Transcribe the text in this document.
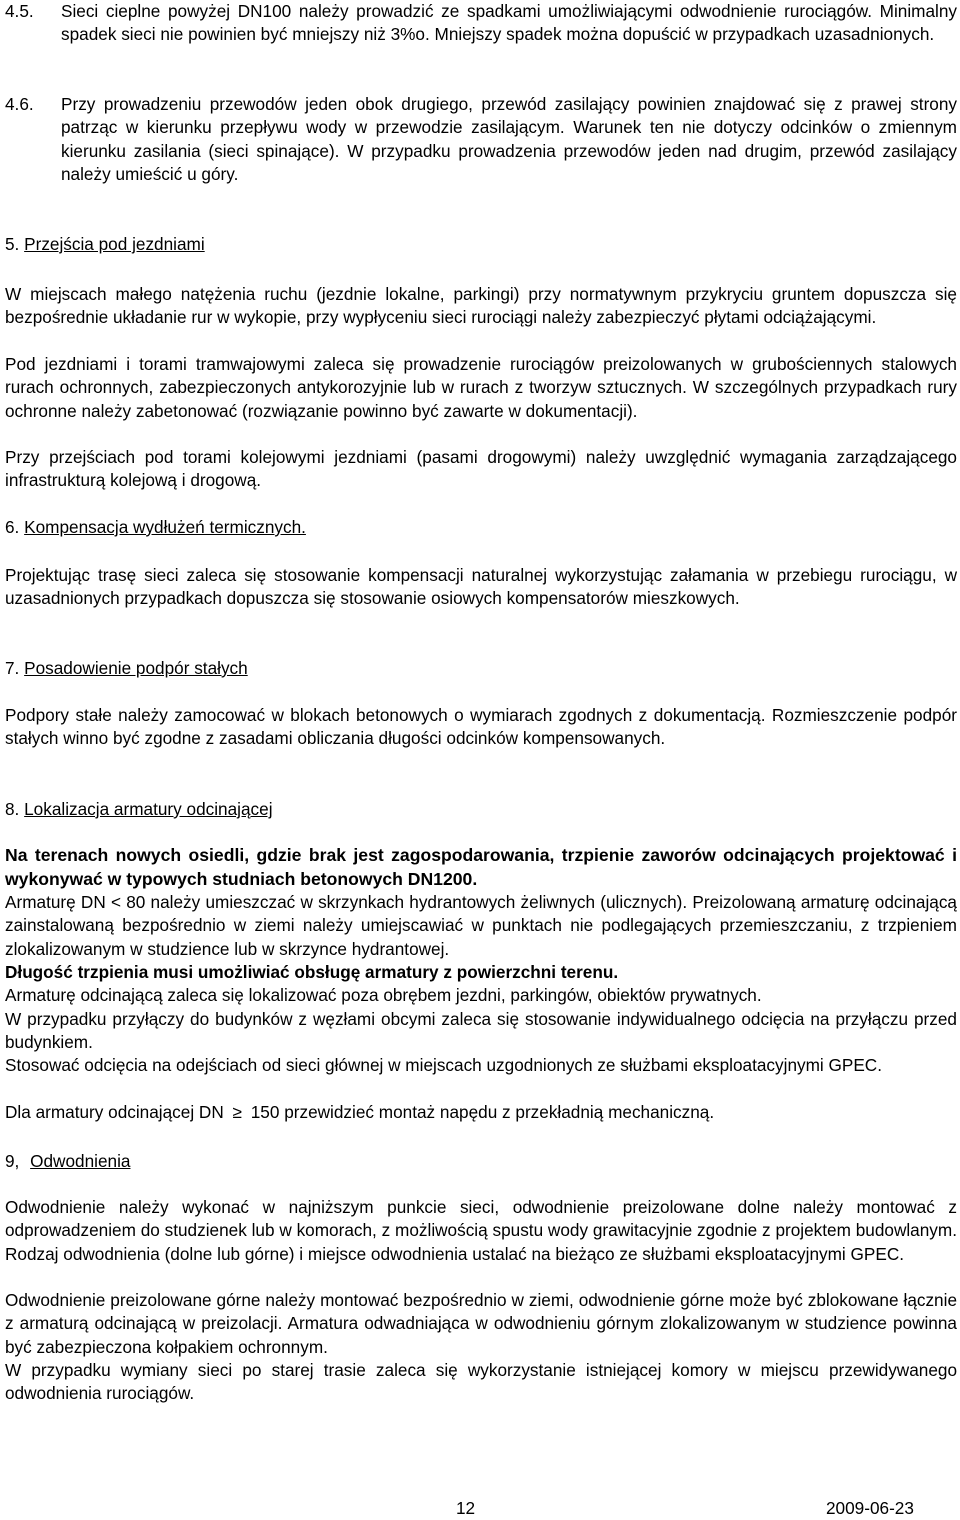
4.5. Sieci cieplne powyżej DN100 należy prowadzić ze spadkami umożliwiającymi odwodnienie rurociągów. Minimalny spadek sieci nie powinien być mniejszy niż 3%o. Mniejszy spadek można dopuścić w przypadkach uzasadnionych.
4.6. Przy prowadzeniu przewodów jeden obok drugiego, przewód zasilający powinien znajdować się z prawej strony patrząc w kierunku przepływu wody w przewodzie zasilającym. Warunek ten nie dotyczy odcinków o zmiennym kierunku zasilania (sieci spinające). W przypadku prowadzenia przewodów jeden nad drugim, przewód zasilający należy umieścić u góry.
5. Przejścia pod jezdniami

W miejscach małego natężenia ruchu (jezdnie lokalne, parkingi) przy normatywnym przykryciu gruntem dopuszcza się bezpośrednie układanie rur w wykopie, przy wypłyceniu sieci rurociągi należy zabezpieczyć płytami odciążającymi.

Pod jezdniami i torami tramwajowymi zaleca się prowadzenie rurociągów preizolowanych w grubościennych stalowych rurach ochronnych, zabezpieczonych antykorozyjnie lub w rurach z tworzyw sztucznych. W szczególnych przypadkach rury ochronne należy zabetonować (rozwiązanie powinno być zawarte w dokumentacji).

Przy przejściach pod torami kolejowymi jezdniami (pasami drogowymi) należy uwzględnić wymagania zarządzającego infrastrukturą kolejową i drogową.

6. Kompensacja wydłużeń termicznych.

Projektując trasę sieci zaleca się stosowanie kompensacji naturalnej wykorzystując załamania w przebiegu rurociągu, w uzasadnionych przypadkach dopuszcza się stosowanie osiowych kompensatorów mieszkowych.

7. Posadowienie podpór stałych

Podpory stałe należy zamocować w blokach betonowych o wymiarach zgodnych z dokumentacją. Rozmieszczenie podpór stałych winno być zgodne z zasadami obliczania długości odcinków kompensowanych.

8. Lokalizacja armatury odcinającej

Na terenach nowych osiedli, gdzie brak jest zagospodarowania, trzpienie zaworów odcinających projektować i wykonywać w typowych studniach betonowych DN1200.

Armaturę DN < 80 należy umieszczać w skrzynkach hydrantowych żeliwnych (ulicznych). Preizolowaną armaturę odcinającą zainstalowaną bezpośrednio w ziemi należy umiejscawiać w punktach nie podlegających przemieszczaniu, z trzpieniem zlokalizowanym w studzience lub w skrzynce hydrantowej.

Długość trzpienia musi umożliwiać obsługę armatury z powierzchni terenu.

Armaturę odcinającą zaleca się lokalizować poza obrębem jezdni, parkingów, obiektów prywatnych.

W przypadku przyłączy do budynków z węzłami obcymi zaleca się stosowanie indywidualnego odcięcia na przyłączu przed budynkiem.

Stosować odcięcia na odejściach od sieci głównej w miejscach uzgodnionych ze służbami eksploatacyjnymi GPEC.

Dla armatury odcinającej DN ≥ 150 przewidzieć montaż napędu z przekładnią mechaniczną.

9, Odwodnienia

Odwodnienie należy wykonać w najniższym punkcie sieci, odwodnienie preizolowane dolne należy montować z odprowadzeniem do studzienek lub w komorach, z możliwością spustu wody grawitacyjnie zgodnie z projektem budowlanym. Rodzaj odwodnienia (dolne lub górne) i miejsce odwodnienia ustalać na bieżąco ze służbami eksploatacyjnymi GPEC.

Odwodnienie preizolowane górne należy montować bezpośrednio w ziemi, odwodnienie górne może być zblokowane łącznie z armaturą odcinającą w preizolacji. Armatura odwadniająca w odwodnieniu górnym zlokalizowanym w studzience powinna być zabezpieczona kołpakiem ochronnym.

W przypadku wymiany sieci po starej trasie zaleca się wykorzystanie istniejącej komory w miejscu przewidywanego odwodnienia rurociągów.

12	2009-06-23
